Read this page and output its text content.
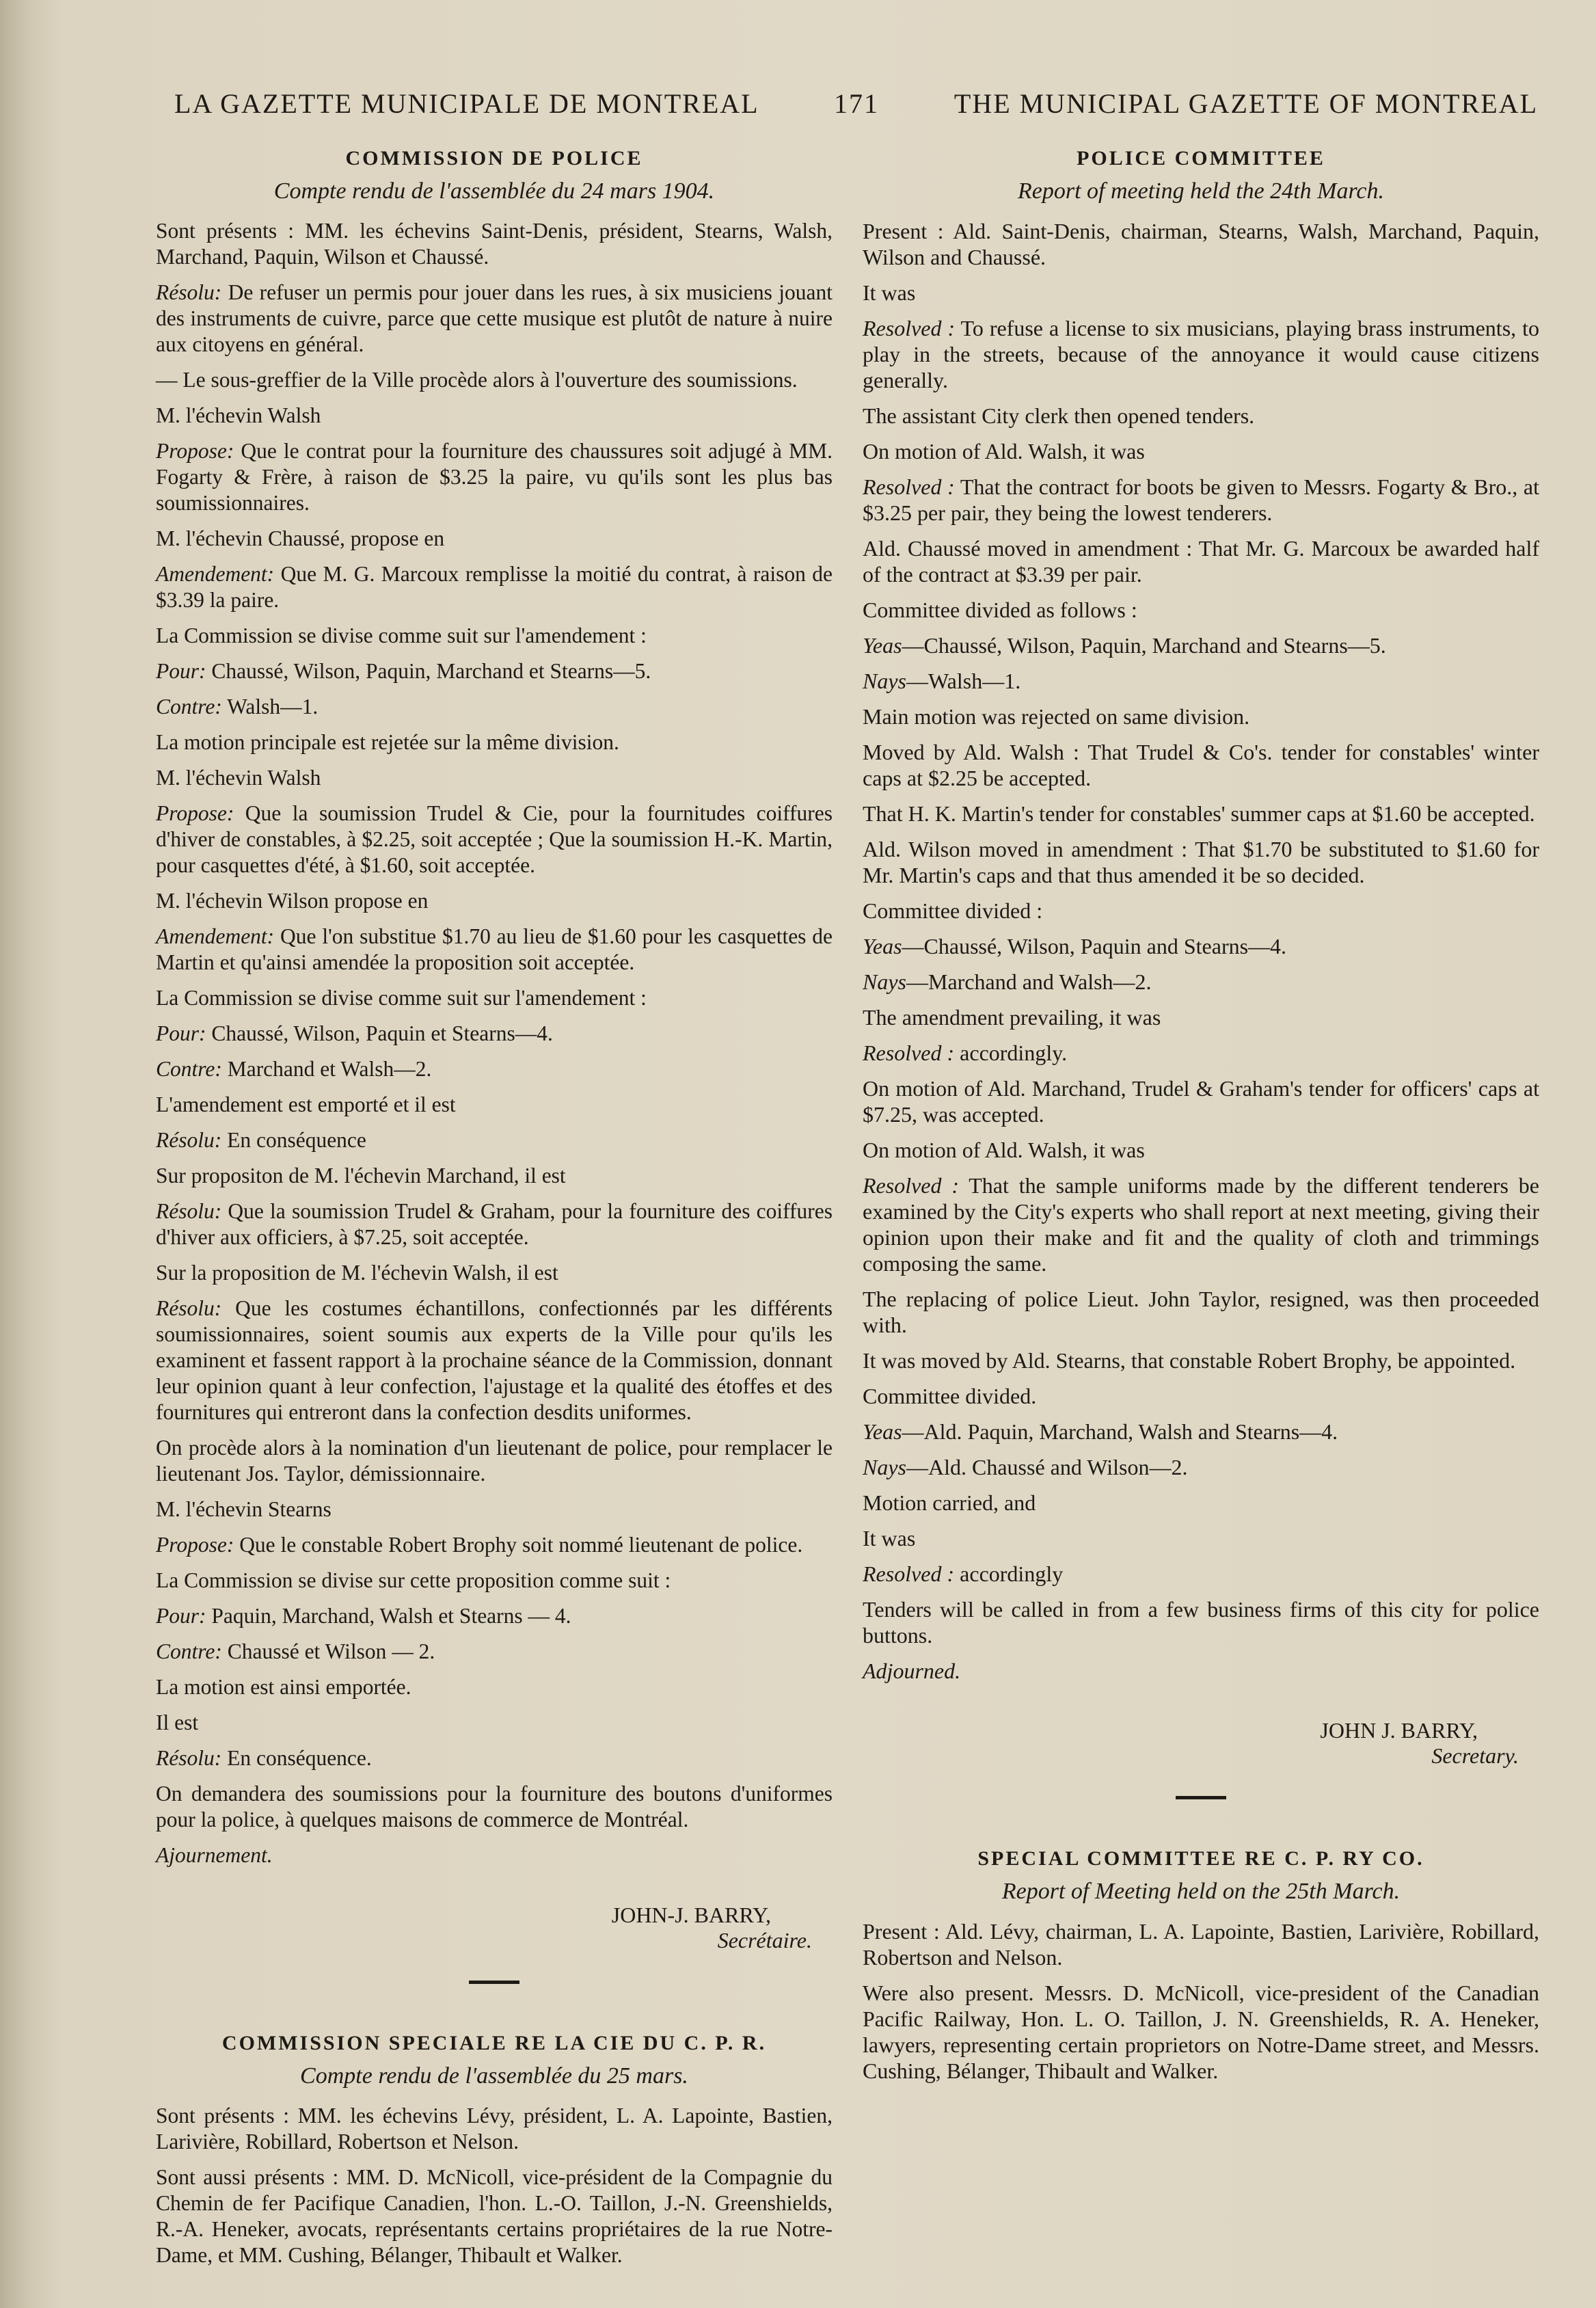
LA GAZETTE MUNICIPALE DE MONTREAL	171	THE MUNICIPAL GAZETTE OF MONTREAL
COMMISSION DE POLICE
Compte rendu de l'assemblée du 24 mars 1904.

Sont présents : MM. les échevins Saint-Denis, président, Stearns, Walsh, Marchand, Paquin, Wilson et Chaussé.

Résolu: De refuser un permis pour jouer dans les rues, à six musiciens jouant des instruments de cuivre, parce que cette musique est plutôt de nature à nuire aux citoyens en général.

— Le sous-greffier de la Ville procède alors à l'ouverture des soumissions.

M. l'échevin Walsh

Propose: Que le contrat pour la fourniture des chaussures soit adjugé à MM. Fogarty & Frère, à raison de $3.25 la paire, vu qu'ils sont les plus bas soumissionnaires.

M. l'échevin Chaussé, propose en

Amendement: Que M. G. Marcoux remplisse la moitié du contrat, à raison de $3.39 la paire.

La Commission se divise comme suit sur l'amendement :

Pour: Chaussé, Wilson, Paquin, Marchand et Stearns—5.

Contre: Walsh—1.

La motion principale est rejetée sur la même division.

M. l'échevin Walsh

Propose: Que la soumission Trudel & Cie, pour la fournitudes coiffures d'hiver de constables, à $2.25, soit acceptée ; Que la soumission H.-K. Martin, pour casquettes d'été, à $1.60, soit acceptée.

M. l'échevin Wilson propose en

Amendement: Que l'on substitue $1.70 au lieu de $1.60 pour les casquettes de Martin et qu'ainsi amendée la proposition soit acceptée.

La Commission se divise comme suit sur l'amendement :

Pour: Chaussé, Wilson, Paquin et Stearns—4.

Contre: Marchand et Walsh—2.

L'amendement est emporté et il est

Résolu: En conséquence

Sur propositon de M. l'échevin Marchand, il est

Résolu: Que la soumission Trudel & Graham, pour la fourniture des coiffures d'hiver aux officiers, à $7.25, soit acceptée.

Sur la proposition de M. l'échevin Walsh, il est

Résolu: Que les costumes échantillons, confectionnés par les différents soumissionnaires, soient soumis aux experts de la Ville pour qu'ils les examinent et fassent rapport à la prochaine séance de la Commission, donnant leur opinion quant à leur confection, l'ajustage et la qualité des étoffes et des fournitures qui entreront dans la confection desdits uniformes.

On procède alors à la nomination d'un lieutenant de police, pour remplacer le lieutenant Jos. Taylor, démissionnaire.

M. l'échevin Stearns

Propose: Que le constable Robert Brophy soit nommé lieutenant de police.

La Commission se divise sur cette proposition comme suit :

Pour: Paquin, Marchand, Walsh et Stearns — 4.

Contre: Chaussé et Wilson — 2.

La motion est ainsi emportée.

Il est

Résolu: En conséquence.

On demandera des soumissions pour la fourniture des boutons d'uniformes pour la police, à quelques maisons de commerce de Montréal.

Ajournement.

JOHN-J. BARRY,
Secrétaire.
COMMISSION SPECIALE RE LA CIE DU C. P. R.
Compte rendu de l'assemblée du 25 mars.

Sont présents : MM. les échevins Lévy, président, L. A. Lapointe, Bastien, Larivière, Robillard, Robertson et Nelson.

Sont aussi présents : MM. D. McNicoll, vice-président de la Compagnie du Chemin de fer Pacifique Canadien, l'hon. L.-O. Taillon, J.-N. Greenshields, R.-A. Heneker, avocats, représentants certains propriétaires de la rue Notre-Dame, et MM. Cushing, Bélanger, Thibault et Walker.

POLICE COMMITTEE
Report of meeting held the 24th March.

Present : Ald. Saint-Denis, chairman, Stearns, Walsh, Marchand, Paquin, Wilson and Chaussé.

It was

Resolved : To refuse a license to six musicians, playing brass instruments, to play in the streets, because of the annoyance it would cause citizens generally.

The assistant City clerk then opened tenders.

On motion of Ald. Walsh, it was

Resolved : That the contract for boots be given to Messrs. Fogarty & Bro., at $3.25 per pair, they being the lowest tenderers.

Ald. Chaussé moved in amendment : That Mr. G. Marcoux be awarded half of the contract at $3.39 per pair.

Committee divided as follows :

Yeas—Chaussé, Wilson, Paquin, Marchand and Stearns—5.

Nays—Walsh—1.

Main motion was rejected on same division.

Moved by Ald. Walsh : That Trudel & Co's. tender for constables' winter caps at $2.25 be accepted.

That H. K. Martin's tender for constables' summer caps at $1.60 be accepted.

Ald. Wilson moved in amendment : That $1.70 be substituted to $1.60 for Mr. Martin's caps and that thus amended it be so decided.

Committee divided :

Yeas—Chaussé, Wilson, Paquin and Stearns—4.

Nays—Marchand and Walsh—2.

The amendment prevailing, it was

Resolved : accordingly.

On motion of Ald. Marchand, Trudel & Graham's tender for officers' caps at $7.25, was accepted.

On motion of Ald. Walsh, it was

Resolved : That the sample uniforms made by the different tenderers be examined by the City's experts who shall report at next meeting, giving their opinion upon their make and fit and the quality of cloth and trimmings composing the same.

The replacing of police Lieut. John Taylor, resigned, was then proceeded with.

It was moved by Ald. Stearns, that constable Robert Brophy, be appointed.

Committee divided.

Yeas—Ald. Paquin, Marchand, Walsh and Stearns—4.

Nays—Ald. Chaussé and Wilson—2.

Motion carried, and

It was

Resolved : accordingly

Tenders will be called in from a few business firms of this city for police buttons.

Adjourned.

JOHN J. BARRY,
Secretary.
SPECIAL COMMITTEE RE C. P. RY CO.
Report of Meeting held on the 25th March.

Present : Ald. Lévy, chairman, L. A. Lapointe, Bastien, Larivière, Robillard, Robertson and Nelson.

Were also present. Messrs. D. McNicoll, vice-president of the Canadian Pacific Railway, Hon. L. O. Taillon, J. N. Greenshields, R. A. Heneker, lawyers, representing certain proprietors on Notre-Dame street, and Messrs. Cushing, Bélanger, Thibault and Walker.
